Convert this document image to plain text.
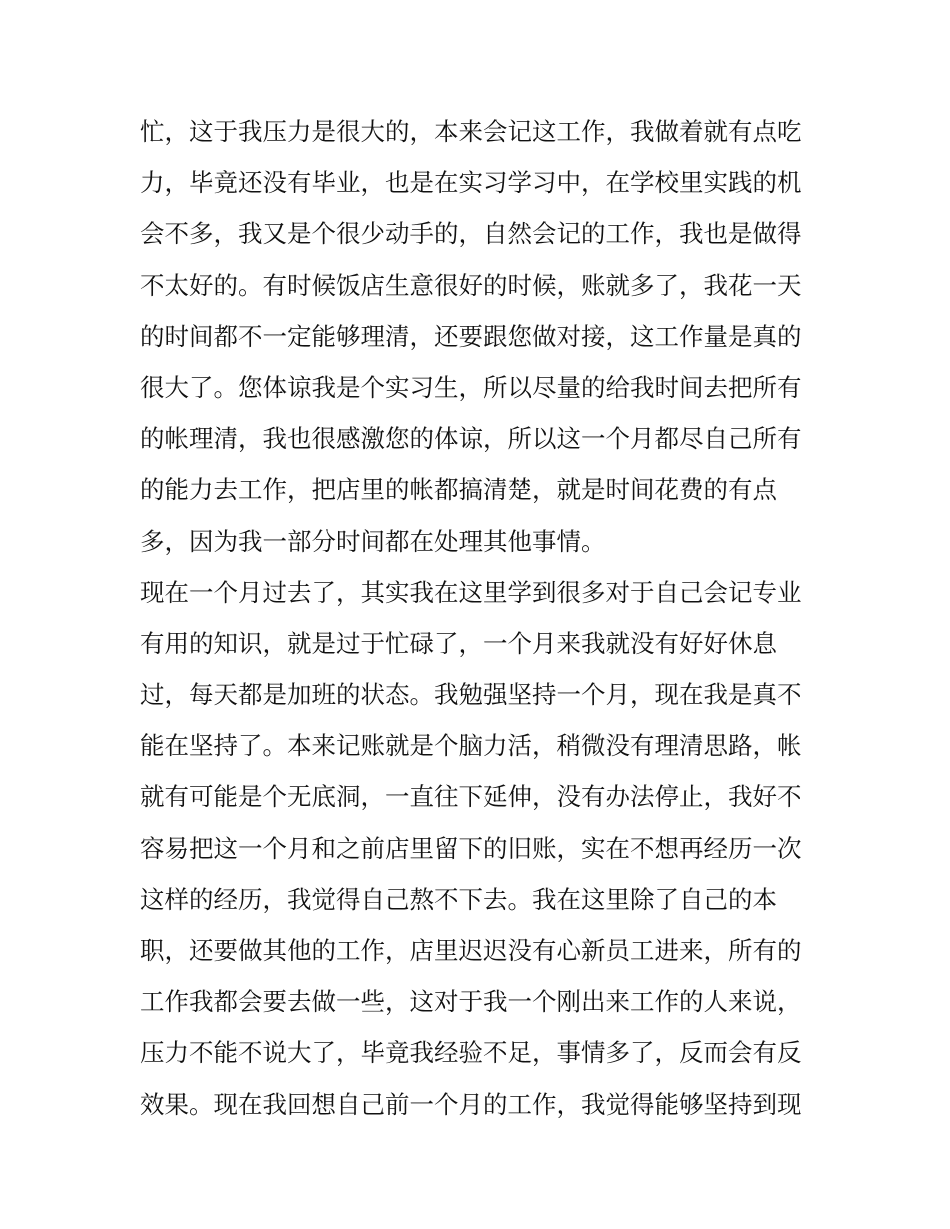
忙，这于我压力是很大的，本来会记这工作，我做着就有点吃
力，毕竟还没有毕业，也是在实习学习中，在学校里实践的机
会不多，我又是个很少动手的，自然会记的工作，我也是做得
不太好的。有时候饭店生意很好的时候，账就多了，我花一天
的时间都不一定能够理清，还要跟您做对接，这工作量是真的
很大了。您体谅我是个实习生，所以尽量的给我时间去把所有
的帐理清，我也很感激您的体谅，所以这一个月都尽自己所有
的能力去工作，把店里的帐都搞清楚，就是时间花费的有点
多，因为我一部分时间都在处理其他事情。
现在一个月过去了，其实我在这里学到很多对于自己会记专业
有用的知识，就是过于忙碌了，一个月来我就没有好好休息
过，每天都是加班的状态。我勉强坚持一个月，现在我是真不
能在坚持了。本来记账就是个脑力活，稍微没有理清思路，帐
就有可能是个无底洞，一直往下延伸，没有办法停止，我好不
容易把这一个月和之前店里留下的旧账，实在不想再经历一次
这样的经历，我觉得自己熬不下去。我在这里除了自己的本
职，还要做其他的工作，店里迟迟没有心新员工进来，所有的
工作我都会要去做一些，这对于我一个刚出来工作的人来说，
压力不能不说大了，毕竟我经验不足，事情多了，反而会有反
效果。现在我回想自己前一个月的工作，我觉得能够坚持到现
